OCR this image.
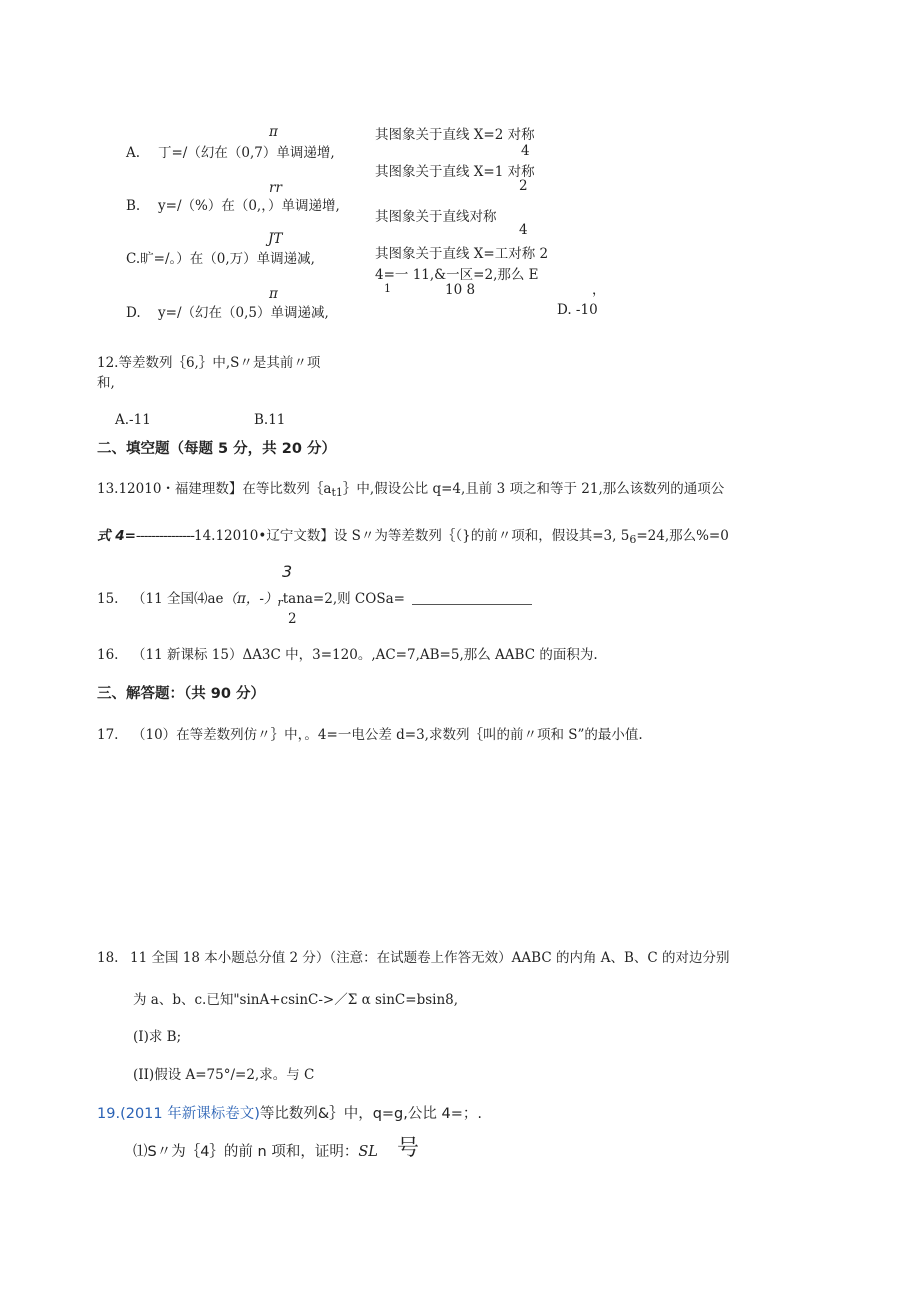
π
A. 丁=/（幻在（0,7）单调递增,
rr
B. y=/（%）在（0,，）单调递增,
JT
C.旷=/。）在（0,万）单调递减,
π
D. y=/（幻在（0,5）单调递减,
其图象关于直线 X=2 对称
4
其图象关于直线 X=1 对称
2
其图象关于直线对称
4
其图象关于直线 X=工对称 2
4=一 11,&一区=2,那么 E
1	10 8	，
D. -10
12.等差数列｛6,｝中,S〃是其前〃项
和,
A.-11	B.11
二、填空题（每题 5 分，共 20 分）
13.12010・福建理数】在等比数列$\{a_{t1}\}$中,假设公比 q=4,且前 3 项之和等于 21,那么该数列的通项公
式 4=---------------14.12010•辽宁文数】设 S〃为等差数列｛（}的前〃项和，假设其=3, $5_6=24$,那么%=0
3
15. （11 全国⑷ae（π，$-)_r\tan a=2$,则 COSa=
2
16. （11 新课标 15）ΔA3C 中，3=120。,AC=7,AB=5,那么 AABC 的面积为.
三、解答题：（共 90 分）
17. （10）在等差数列仿〃｝中，。4=一电公差 d=3,求数列｛叫的前〃项和 S”的最小值.
18. 11 全国 18 本小题总分值 2 分）（注意：在试题卷上作答无效）AABC 的内角 A、B、C 的对边分别
为 a、b、c.已知"sinA+csinC->／Σ α sinC=bsin8,
(I)求 B;
(II)假设 A=75°/=2,求。与 C
19.(2011 年新课标卷文)等比数列&｝中，q=g,公比 4=；.
⑴S〃为｛4｝的前 n 项和，证明：SL 号
